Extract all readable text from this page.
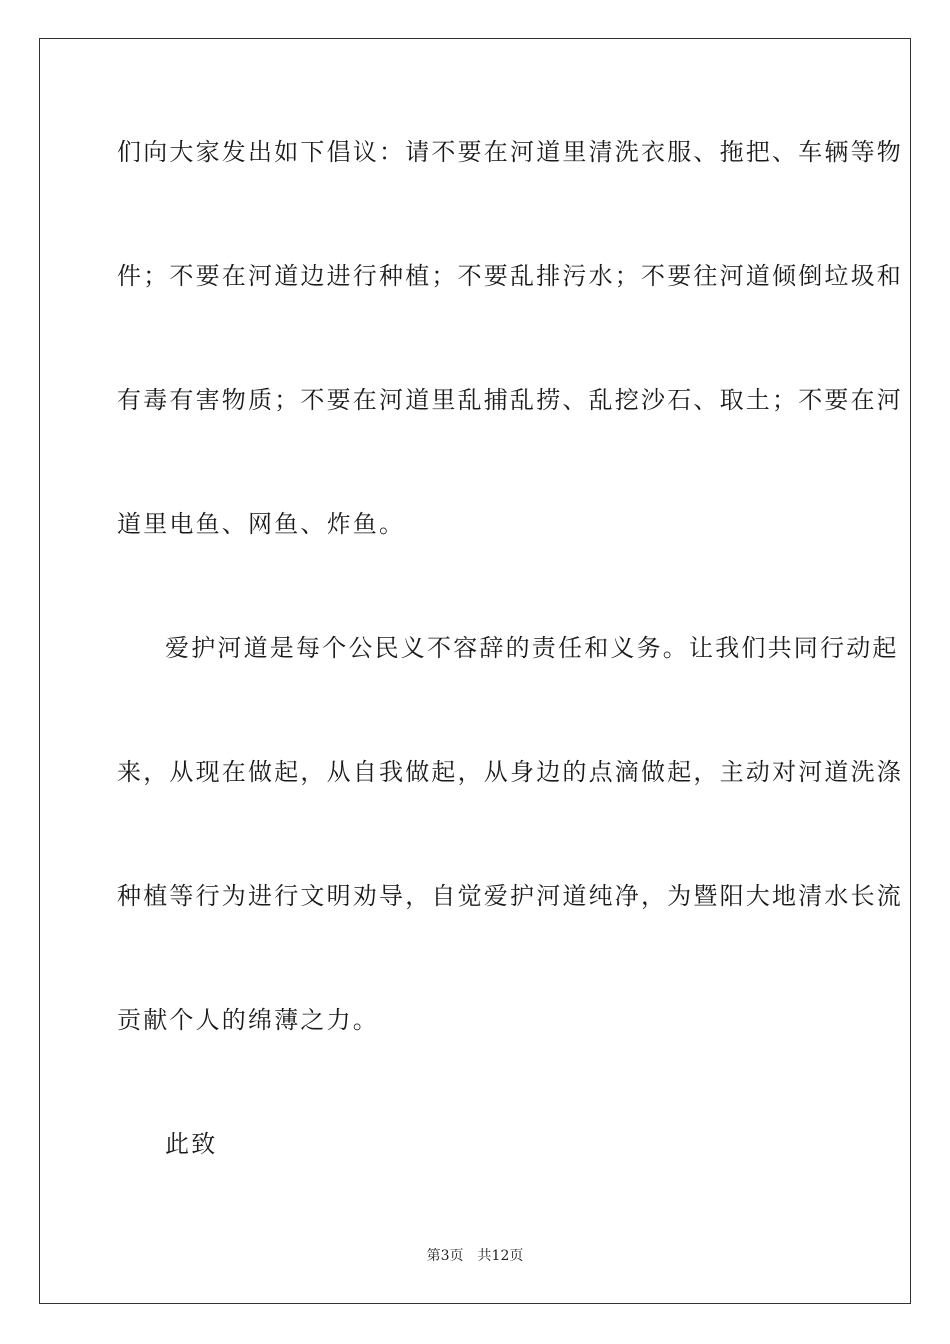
们向大家发出如下倡议：请不要在河道里清洗衣服、拖把、车辆等物
件；不要在河道边进行种植；不要乱排污水；不要往河道倾倒垃圾和
有毒有害物质；不要在河道里乱捕乱捞、乱挖沙石、取土；不要在河
道里电鱼、网鱼、炸鱼。
爱护河道是每个公民义不容辞的责任和义务。让我们共同行动起
来，从现在做起，从自我做起，从身边的点滴做起，主动对河道洗涤
种植等行为进行文明劝导，自觉爱护河道纯净，为暨阳大地清水长流
贡献个人的绵薄之力。
此致
第3页 共12页
